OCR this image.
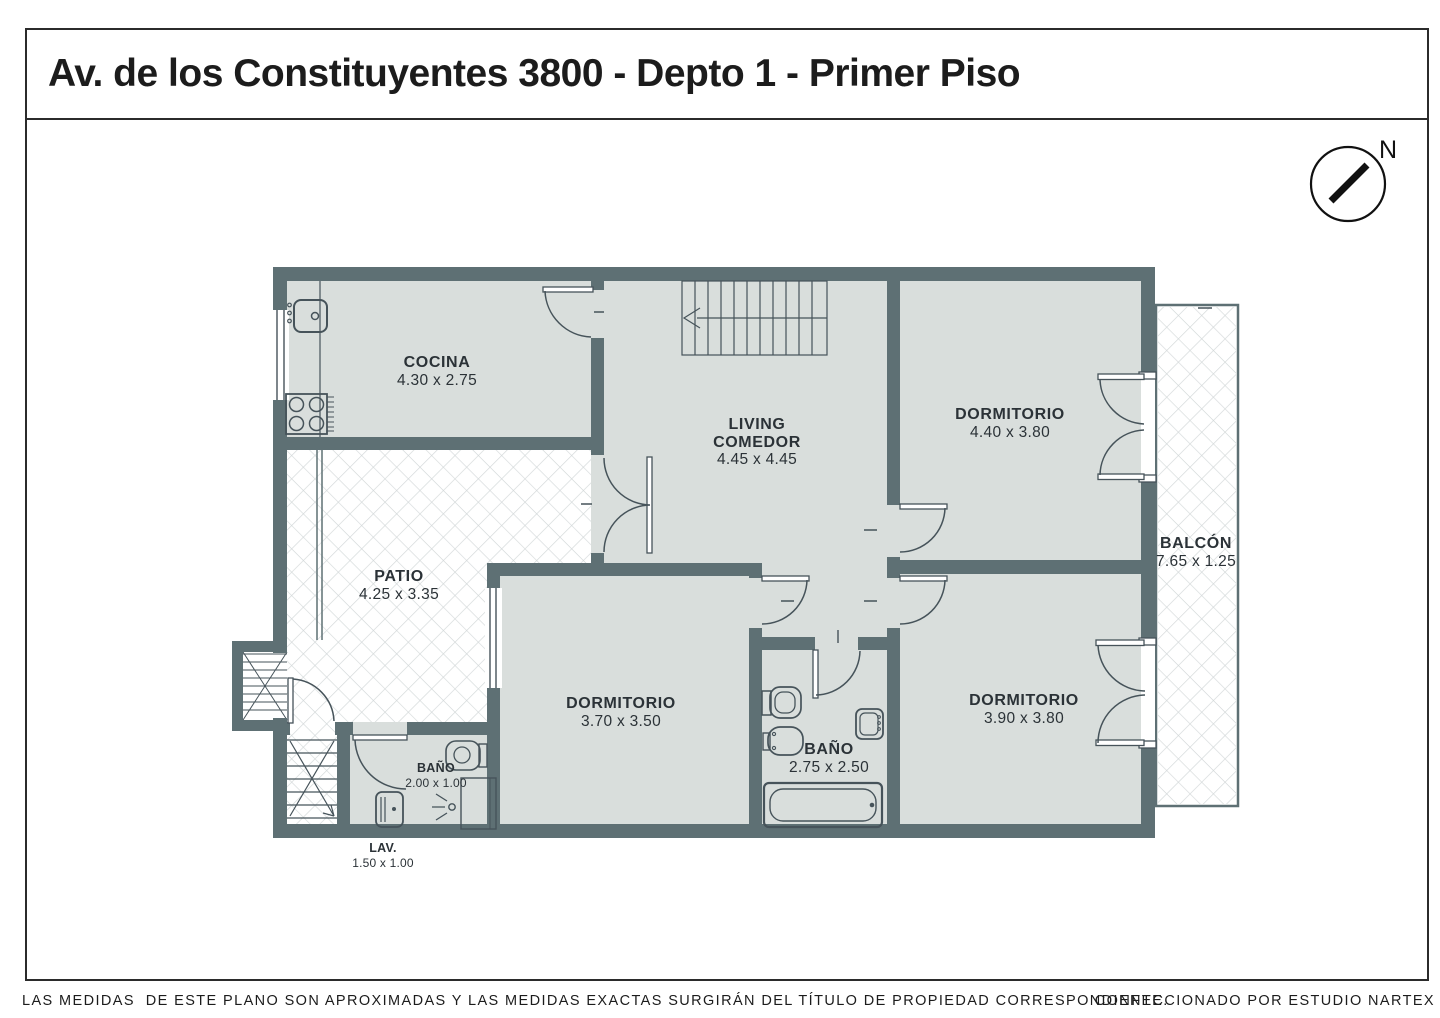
Av. de los Constituyentes 3800 - Depto 1 - Primer Piso
N
COCINA
4.30 x 2.75
LIVING
COMEDOR
4.45 x 4.45
DORMITORIO
4.40 x 3.80
PATIO
4.25 x 3.35
DORMITORIO
3.70 x 3.50
BAÑO
2.75 x 2.50
DORMITORIO
3.90 x 3.80
BALCÓN
7.65 x 1.25
BAÑO
2.00 x 1.00
LAV.
1.50 x 1.00
LAS MEDIDAS  DE ESTE PLANO SON APROXIMADAS Y LAS MEDIDAS EXACTAS SURGIRÁN DEL TÍTULO DE PROPIEDAD CORRESPONDIENTE.
CONFECCIONADO POR ESTUDIO NARTEX
